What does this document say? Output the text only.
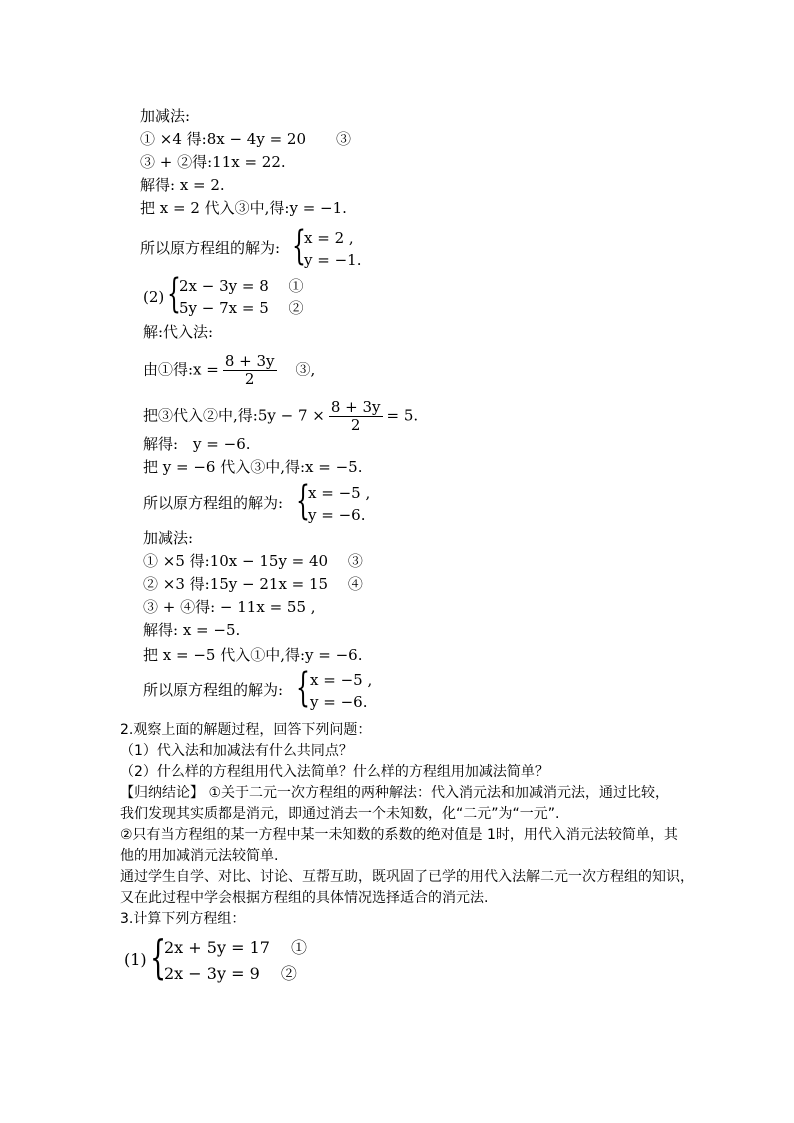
加减法:
① ×4 得:8x − 4y = 20　　③
③ + ②得:11x = 22.
解得: x = 2.
把 x = 2 代入③中,得:y = −1.
所以原方程组的解为: {
x = 2 ,
y = −1.
(2) {
2x − 3y = 8　 ①
5y − 7x = 5　 ②
解:代入法:
由①得:x = $\frac{8 + 3y}{2}$
　 ③,
把③代入②中,得:5y − $7 \times \frac{8 + 3y}{2} = 5$.
解得:　y = −6.
把 y = −6 代入③中,得:x = −5.
所以原方程组的解为: {
x = −5 ,
y = −6.
加减法:
① ×5 得:10x − 15y = 40　 ③
② ×3 得:15y − 21x = 15　 ④
③ + ④得: − 11x = 55 ,
解得: x = −5.
把 x = −5 代入①中,得:y = −6.
所以原方程组的解为: { x = −5 ,
y = −6.
2.观察上面的解题过程，回答下列问题：
（1）代入法和加减法有什么共同点？
（2）什么样的方程组用代入法简单？什么样的方程组用加减法简单？
【归纳结论】 ①关于二元一次方程组的两种解法：代入消元法和加减消元法，通过比较，
我们发现其实质都是消元，即通过消去一个未知数，化“二元”为“一元”.
②只有当方程组的某一方程中某一未知数的系数的绝对值是 1时，用代入消元法较简单，其
他的用加减消元法较简单.
通过学生自学、对比、讨论、互帮互助，既巩固了已学的用代入法解二元一次方程组的知识，
又在此过程中学会根据方程组的具体情况选择适合的消元法.
3.计算下列方程组：
(1) {
2x + 5y = 17　 ①
2x − 3y = 9　 ②
